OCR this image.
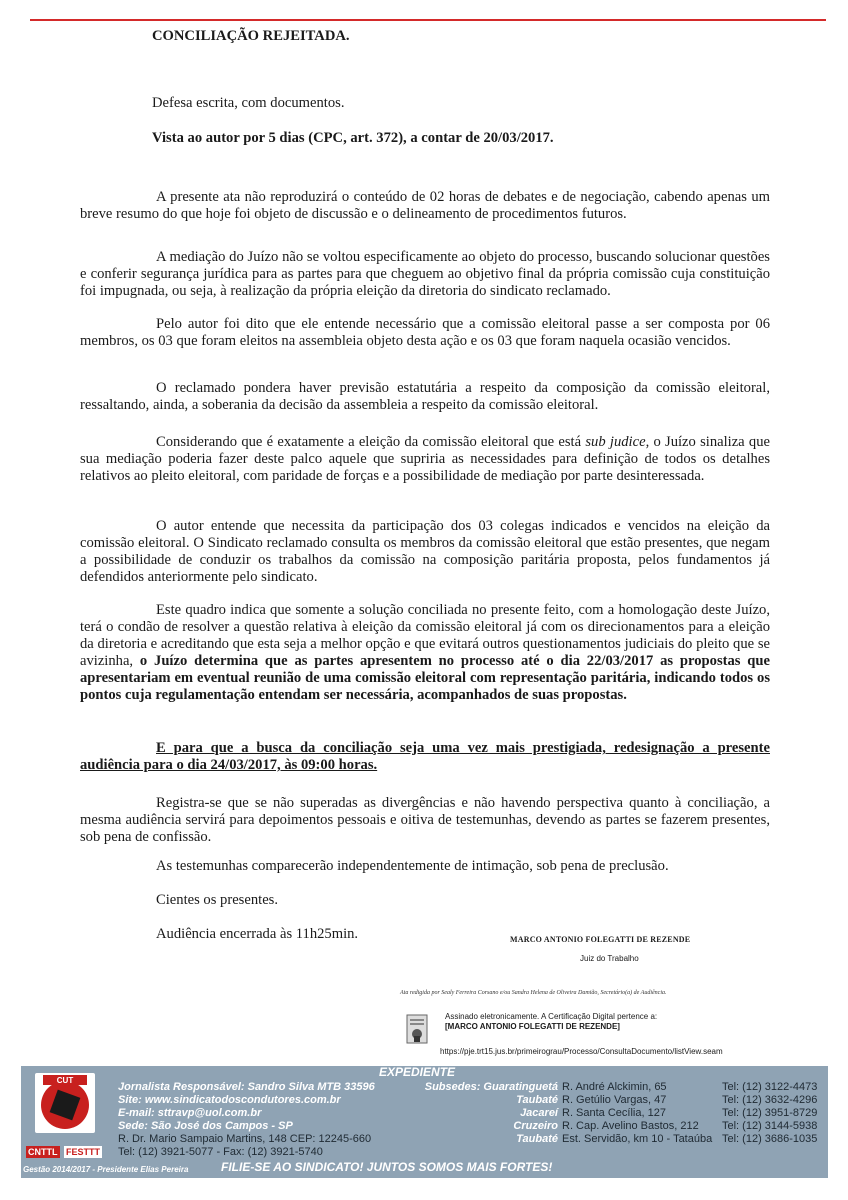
CONCILIAÇÃO REJEITADA.

Defesa escrita, com documentos.

Vista ao autor por 5 dias (CPC, art. 372), a contar de 20/03/2017.

A presente ata não reproduzirá o conteúdo de 02 horas de debates e de negociação, cabendo apenas um breve resumo do que hoje foi objeto de discussão e o delineamento de procedimentos futuros.

A mediação do Juízo não se voltou especificamente ao objeto do processo, buscando solucionar questões e conferir segurança jurídica para as partes para que cheguem ao objetivo final da própria comissão cuja constituição foi impugnada, ou seja, à realização da própria eleição da diretoria do sindicato reclamado.

Pelo autor foi dito que ele entende necessário que a comissão eleitoral passe a ser composta por 06 membros, os 03 que foram eleitos na assembleia objeto desta ação e os 03 que foram naquela ocasião vencidos.

O reclamado pondera haver previsão estatutária a respeito da composição da comissão eleitoral, ressaltando, ainda, a soberania da decisão da assembleia a respeito da comissão eleitoral.

Considerando que é exatamente a eleição da comissão eleitoral que está sub judice, o Juízo sinaliza que sua mediação poderia fazer deste palco aquele que supriria as necessidades para definição de todos os detalhes relativos ao pleito eleitoral, com paridade de forças e a possibilidade de mediação por parte desinteressada.

O autor entende que necessita da participação dos 03 colegas indicados e vencidos na eleição da comissão eleitoral. O Sindicato reclamado consulta os membros da comissão eleitoral que estão presentes, que negam a possibilidade de conduzir os trabalhos da comissão na composição paritária proposta, pelos fundamentos já defendidos anteriormente pelo sindicato.

Este quadro indica que somente a solução conciliada no presente feito, com a homologação deste Juízo, terá o condão de resolver a questão relativa à eleição da comissão eleitoral já com os direcionamentos para a eleição da diretoria e acreditando que esta seja a melhor opção e que evitará outros questionamentos judiciais do pleito que se avizinha, o Juízo determina que as partes apresentem no processo até o dia 22/03/2017 as propostas que apresentariam em eventual reunião de uma comissão eleitoral com representação paritária, indicando todos os pontos cuja regulamentação entendam ser necessária, acompanhados de suas propostas.

E para que a busca da conciliação seja uma vez mais prestigiada, redesignação a presente audiência para o dia 24/03/2017, às 09:00 horas.

Registra-se que se não superadas as divergências e não havendo perspectiva quanto à conciliação, a mesma audiência servirá para depoimentos pessoais e oitiva de testemunhas, devendo as partes se fazerem presentes, sob pena de confissão.

As testemunhas comparecerão independentemente de intimação, sob pena de preclusão.

Cientes os presentes.

Audiência encerrada às 11h25min.	MARCO ANTONIO FOLEGATTI DE REZENDE
Juiz do Trabalho
Ata redigida por Sealy Ferreira Corsano e/ou Sandra Helena de Oliveira Damião, Secretário(a) de Audiência.
Assinado eletronicamente. A Certificação Digital pertence a:
[MARCO ANTONIO FOLEGATTI DE REZENDE]
https://pje.trt15.jus.br/primeirograu/Processo/ConsultaDocumento/listView.seam
EXPEDIENTE
CUT
CNTTL FESTTT
Jornalista Responsável: Sandro Silva MTB 33596
Site: www.sindicatodoscondutores.com.br
E-mail: sttravp@uol.com.br
Sede: São José dos Campos - SP
R. Dr. Mario Sampaio Martins, 148 CEP: 12245-660
Tel: (12) 3921-5077 - Fax: (12) 3921-5740
Gestão 2014/2017 - Presidente Elias Pereira	FILIE-SE AO SINDICATO! JUNTOS SOMOS MAIS FORTES!
Subsedes: Guaratinguetá R. André Alckimin, 65	Tel: (12) 3122-4473
Taubaté R. Getúlio Vargas, 47	Tel: (12) 3632-4296
Jacareí R. Santa Cecília, 127	Tel: (12) 3951-8729
Cruzeiro R. Cap. Avelino Bastos, 212 Tel: (12) 3144-5938
Taubaté Est. Servidão, km 10 - Tataúba Tel: (12) 3686-1035
